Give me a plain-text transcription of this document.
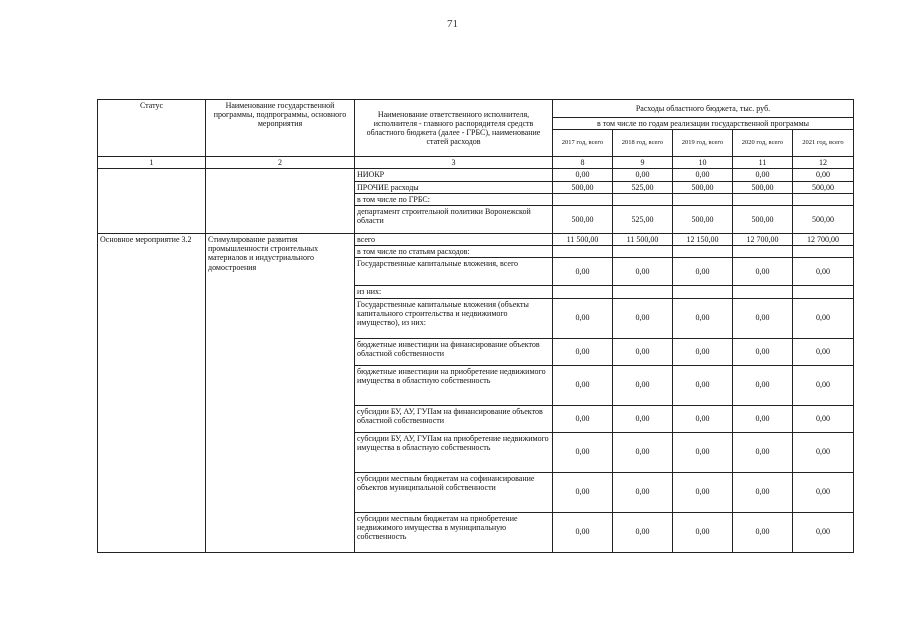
71
Статус	Наименование государственной программы, подпрограммы, основного мероприятия	Наименование ответственного исполнителя, исполнителя - главного распорядителя средств областного бюджета (далее - ГРБС), наименование статей расходов	Расходы областного бюджета, тыс. руб.				
			в том числе по годам реализации государственной программы				
			2017 год, всего	2018 год, всего	2019 год, всего	2020 год, всего	2021 год, всего
1	2	3	8	9	10	11	12
		НИОКР	0,00	0,00	0,00	0,00	0,00
		ПРОЧИЕ расходы	500,00	525,00	500,00	500,00	500,00
		в том числе по ГРБС:					
		департамент строительной политики Воронежской области	500,00	525,00	500,00	500,00	500,00
Основное мероприятие 3.2	Стимулирование развития промышленности строительных материалов и индустриального домостроения	всего	11 500,00	11 500,00	12 150,00	12 700,00	12 700,00
		в том числе по статьям расходов:					
		Государственные капитальные вложения, всего	0,00	0,00	0,00	0,00	0,00
		из них:					
		Государственные капитальные вложения (объекты капитального строительства и недвижимого имущество), из них:	0,00	0,00	0,00	0,00	0,00
		бюджетные инвестиции на финансирование объектов областной собственности	0,00	0,00	0,00	0,00	0,00
		бюджетные инвестиции на приобретение недвижимого имущества в областную собственность	0,00	0,00	0,00	0,00	0,00
		субсидии БУ, АУ, ГУПам на финансирование объектов областной собственности	0,00	0,00	0,00	0,00	0,00
		субсидии БУ, АУ, ГУПам на приобретение недвижимого имущества в областную собственность	0,00	0,00	0,00	0,00	0,00
		субсидии местным бюджетам на софинансирование объектов муниципальной собственности	0,00	0,00	0,00	0,00	0,00
		субсидии местным бюджетам на приобретение недвижимого имущества в муниципальную собственность	0,00	0,00	0,00	0,00	0,00
